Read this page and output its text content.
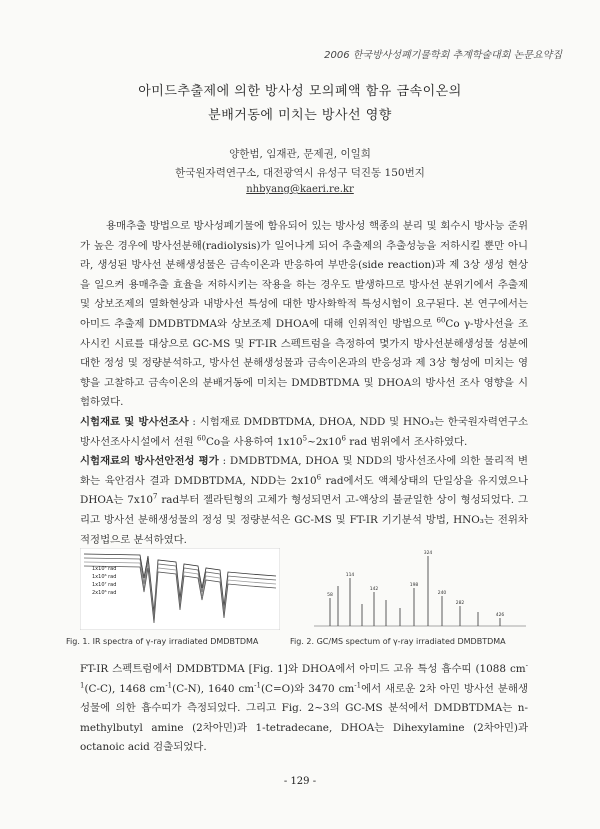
2006 한국방사성폐기물학회 추계학술대회 논문요약집
아미드추출제에 의한 방사성 모의폐액 함유 금속이온의
분배거동에 미치는 방사선 영향
양한범, 임재관, 문제권, 이일희
한국원자력연구소, 대전광역시 유성구 덕진동 150번지
nhbyang@kaeri.re.kr

용매추출 방법으로 방사성폐기물에 함유되어 있는 방사성 핵종의 분리 및 회수시 방사능 준위가 높은 경우에 방사선분해(radiolysis)가 일어나게 되어 추출제의 추출성능을 저하시킬 뿐만 아니라, 생성된 방사선 분해생성물은 금속이온과 반응하여 부반응(side reaction)과 제 3상 생성 현상을 일으켜 용매추출 효율을 저하시키는 작용을 하는 경우도 발생하므로 방사선 분위기에서 추출제 및 상보조제의 열화현상과 내방사선 특성에 대한 방사화학적 특성시험이 요구된다. 본 연구에서는 아미드 추출제 DMDBTDMA와 상보조제 DHOA에 대해 인위적인 방법으로 $^{60}$Co γ-방사선을 조사시킨 시료를 대상으로 GC-MS 및 FT-IR 스펙트럼을 측정하여 몇가지 방사선분해생성물 성분에 대한 정성 및 정량분석하고, 방사선 분해생성물과 금속이온과의 반응성과 제 3상 형성에 미치는 영향을 고찰하고 금속이온의 분배거동에 미치는 DMDBTDMA 및 DHOA의 방사선 조사 영향을 시험하였다.

시험재료 및 방사선조사 : 시험재료 DMDBTDMA, DHOA, NDD 및 HNO₃는 한국원자력연구소 방사선조사시설에서 선원 $^{60}$Co을 사용하여 $1x10^5\sim 2x10^6$ rad 범위에서 조사하였다.

시험재료의 방사선안전성 평가 : DMDBTDMA, DHOA 및 NDD의 방사선조사에 의한 물리적 변화는 육안검사 결과 DMDBTDMA, NDD는 $2x10^6$ rad에서도 액체상태의 단일상을 유지였으나 DHOA는 $7x10^7$ rad부터 젤라틴형의 고체가 형성되면서 고-액상의 불균일한 상이 형성되었다. 그리고 방사선 분해생성물의 정성 및 정량분석은 GC-MS 및 FT-IR 기기분석 방법, HNO₃는 전위차 적정법으로 분석하였다.

1x10⁵ rad
1x10⁶ rad
1x10⁷ rad
2x10⁶ rad
324
114
58
142
198
240
282
426
Fig. 1. IR spectra of γ-ray irradiated DMDBTDMA	Fig. 2. GC/MS spectum of γ-ray irradiated DMDBTDMA

FT-IR 스펙트럼에서 DMDBTDMA [Fig. 1]와 DHOA에서 아미드 고유 특성 흡수띠 (1088 $cm^{-1}(C-C)$, 1468 $cm^{-1}(C-N)$, 1640 $cm^{-1}(C=O)$와 3470 $cm^{-1}$에서 새로운 2차 아민 방사선 분해생성물에 의한 흡수띠가 측정되었다. 그리고 Fig. 2~3의 GC-MS 분석에서 DMDBTDMA는 n-methylbutyl amine (2차아민)과 1-tetradecane, DHOA는 Dihexylamine (2차아민)과 octanoic acid 검출되었다.

- 129 -
